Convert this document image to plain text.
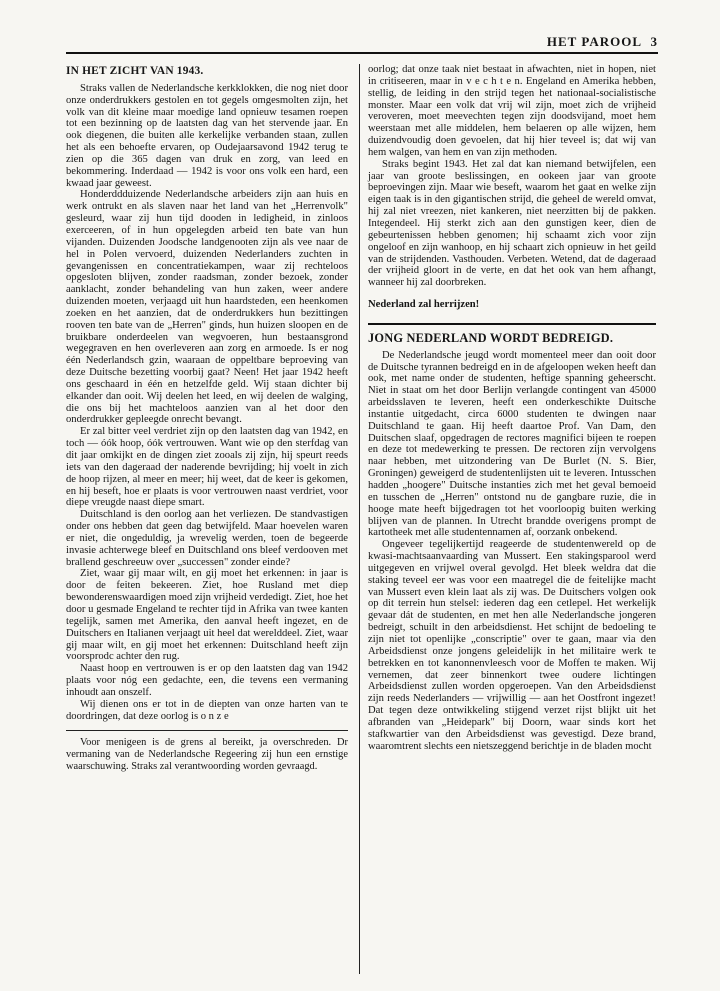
HET PAROOL 3
IN HET ZICHT VAN 1943.

Straks vallen de Nederlandsche kerkklokken, die nog niet door onze onderdrukkers gestolen en tot gegels omgesmolten zijn, het volk van dit kleine maar moedige land opnieuw tesamen roepen tot een bezinning op de laatsten dag van het stervende jaar. En ook diegenen, die buiten alle kerkelijke verbanden staan, zullen het als een behoefte ervaren, op Oudejaarsavond 1942 terug te zien op die 365 dagen van druk en zorg, van leed en bekommering. Inderdaad — 1942 is voor ons volk een hard, een kwaad jaar geweest.

Honderddduizende Nederlandsche arbeiders zijn aan huis en werk ontrukt en als slaven naar het land van het „Herrenvolk" gesleurd, waar zij hun tijd dooden in ledigheid, in zinloos exerceeren, of in hun opgelegden arbeid ten bate van hun vijanden. Duizenden Joodsche landgenooten zijn als vee naar de hel in Polen vervoerd, duizenden Nederlanders zuchten in gevangenissen en concentratiekampen, waar zij rechteloos opgesloten blijven, zonder raadsman, zonder bezoek, zonder aanklacht, zonder behandeling van hun zaken, weer andere duizenden moeten, verjaagd uit hun haardsteden, een heenkomen zoeken en het aanzien, dat de onderdrukkers hun bezittingen rooven ten bate van de „Herren" ginds, hun huizen sloopen en de bruikbare onderdeelen van wegvoeren, hun bestaansgrond wegegraven en hen overleveren aan zorg en armoede. Is er nog één Nederlandsch gzin, waaraan de oppeltbare beproeving van deze Duitsche bezetting voorbij gaat? Neen! Het jaar 1942 heeft ons geschaard in één en hetzelfde geld. Wij staan dichter bij elkander dan ooit. Wij deelen het leed, en wij deelen de walging, die ons bij het machteloos aanzien van al het door den onderdrukker gepleegde onrecht bevangt.

Er zal bitter veel verdriet zijn op den laatsten dag van 1942, en toch — óók hoop, óók vertrouwen. Want wie op den sterfdag van dit jaar omkijkt en de dingen ziet zooals zij zijn, hij speurt reeds iets van den dageraad der naderende bevrijding; hij voelt in zich de hoop rijzen, al meer en meer; hij weet, dat de keer is gekomen, en hij beseft, hoe er plaats is voor vertrouwen naast verdriet, voor diepe vreugde naast diepe smart.

Duitschland is den oorlog aan het verliezen. De standvastigen onder ons hebben dat geen dag betwijfeld. Maar hoevelen waren er niet, die ongeduldig, ja wrevelig werden, toen de begeerde invasie achterwege bleef en Duitschland ons bleef verdooven met brallend geschreeuw over „successen" zonder einde?

Ziet, waar gij maar wilt, en gij moet het erkennen: in jaar is door de feiten bekeeren. Ziet, hoe Rusland met diep bewonderenswaardigen moed zijn vrijheid verdedigt. Ziet, hoe het door u gesmade Engeland te rechter tijd in Afrika van twee kanten tegelijk, samen met Amerika, den aanval heeft ingezet, en de Duitschers en Italianen verjaagt uit heel dat werelddeel. Ziet, waar gij maar wilt, en gij moet het erkennen: Duitschland heeft zijn voorsprodc achter den rug.

Naast hoop en vertrouwen is er op den laatsten dag van 1942 plaats voor nóg een gedachte, een, die tevens een vermaning inhoudt aan onszelf.

Wij dienen ons er tot in de diepten van onze harten van te doordringen, dat deze oorlog is o n z e

Voor menigeen is de grens al bereikt, ja overschreden. Dr vermaning van de Nederlandsche Regeering zij hun een ernstige waarschuwing. Straks zal verantwoording worden gevraagd.

oorlog; dat onze taak niet bestaat in afwachten, niet in hopen, niet in critiseeren, maar in v e c h t e n. Engeland en Amerika hebben, stellig, de leiding in den strijd tegen het nationaal-socialistische monster. Maar een volk dat vrij wil zijn, moet zich de vrijheid veroveren, moet meevechten tegen zijn doodsvijand, moet hem weerstaan met alle middelen, hem belaeren op alle wijzen, hem duizendvoudig doen gevoelen, dat hij hier teveel is; dat wij van hem walgen, van hem en van zijn methoden.

Straks begint 1943. Het zal dat kan niemand betwijfelen, een jaar van groote beslissingen, en ookeen jaar van groote beproevingen zijn. Maar wie beseft, waarom het gaat en welke zijn eigen taak is in den gigantischen strijd, die geheel de wereld omvat, hij zal niet vreezen, niet kankeren, niet neerzitten bij de pakken. Integendeel. Hij sterkt zich aan den gunstigen keer, dien de gebeurtenissen hebben genomen; hij schaamt zich voor zijn ongeloof en zijn wanhoop, en hij schaart zich opnieuw in het geild van de strijdenden. Vasthouden. Verbeten. Wetend, dat de dageraad der vrijheid gloort in de verte, en dat het ook van hem afhangt, wanneer hij zal doorbreken.

Nederland zal herrijzen!

JONG NEDERLAND WORDT BEDREIGD.

De Nederlandsche jeugd wordt momenteel meer dan ooit door de Duitsche tyrannen bedreigd en in de afgeloopen weken heeft dan ook, met name onder de studenten, heftige spanning geheerscht. Niet in staat om het door Berlijn verlangde contingent van 45000 arbeidsslaven te leveren, heeft een onderkeschikte Duitsche instantie uitgedacht, circa 6000 studenten te dwingen naar Duitschland te gaan. Hij heeft daartoe Prof. Van Dam, den Duitschen slaaf, opgedragen de rectores magnifici bijeen te roepen en deze tot medewerking te pressen. De rectoren zijn vervolgens naar hebben, met uitzondering van De Burlet (N. S. Bier, Groningen) geweigerd de studentenlijsten uit te leveren. Intusschen hadden „hoogere" Duitsche instanties zich met het geval bemoeid en tusschen de „Herren" ontstond nu de gangbare ruzie, die in hooge mate heeft bijgedragen tot het voorloopig buiten werking blijven van de plannen. In Utrecht brandde overigens prompt de kartotheek met alle studentennamen af, oorzank onbekend.

Ongeveer tegelijkertijd reageerde de studentenwereld op de kwasi-machtsaanvaarding van Mussert. Een stakingsparool werd uitgegeven en vrijwel overal gevolgd. Het bleek weldra dat die staking teveel eer was voor een maatregel die de feitelijke macht van Mussert even klein laat als zij was. De Duitschers volgen ook op dit terrein hun stelsel: iederen dag een cetlepel. Het werkelijk gevaar dát de studenten, en met hen alle Nederlandsche jongeren bedreigt, schuilt in den arbeidsdienst. Het schijnt de bedoeling te zijn niet tot openlijke „conscriptie" over te gaan, maar via den Arbeidsdienst onze jongens geleidelijk in het militaire werk te betrekken en tot kanonnenvleesch voor de Moffen te maken. Wij vernemen, dat zeer binnenkort twee oudere lichtingen Arbeidsdienst zullen worden opgeroepen. Van den Arbeidsdienst zijn reeds Nederlanders — vrijwillig — aan het Oostfront ingezet! Dat tegen deze ontwikkeling stijgend verzet rijst blijkt uit het afbranden van „Heidepark" bij Doorn, waar sinds kort het stafkwartier van den Arbeidsdienst was gevestigd. Deze brand, waaromtrent slechts een nietszeggend berichtje in de bladen mocht
